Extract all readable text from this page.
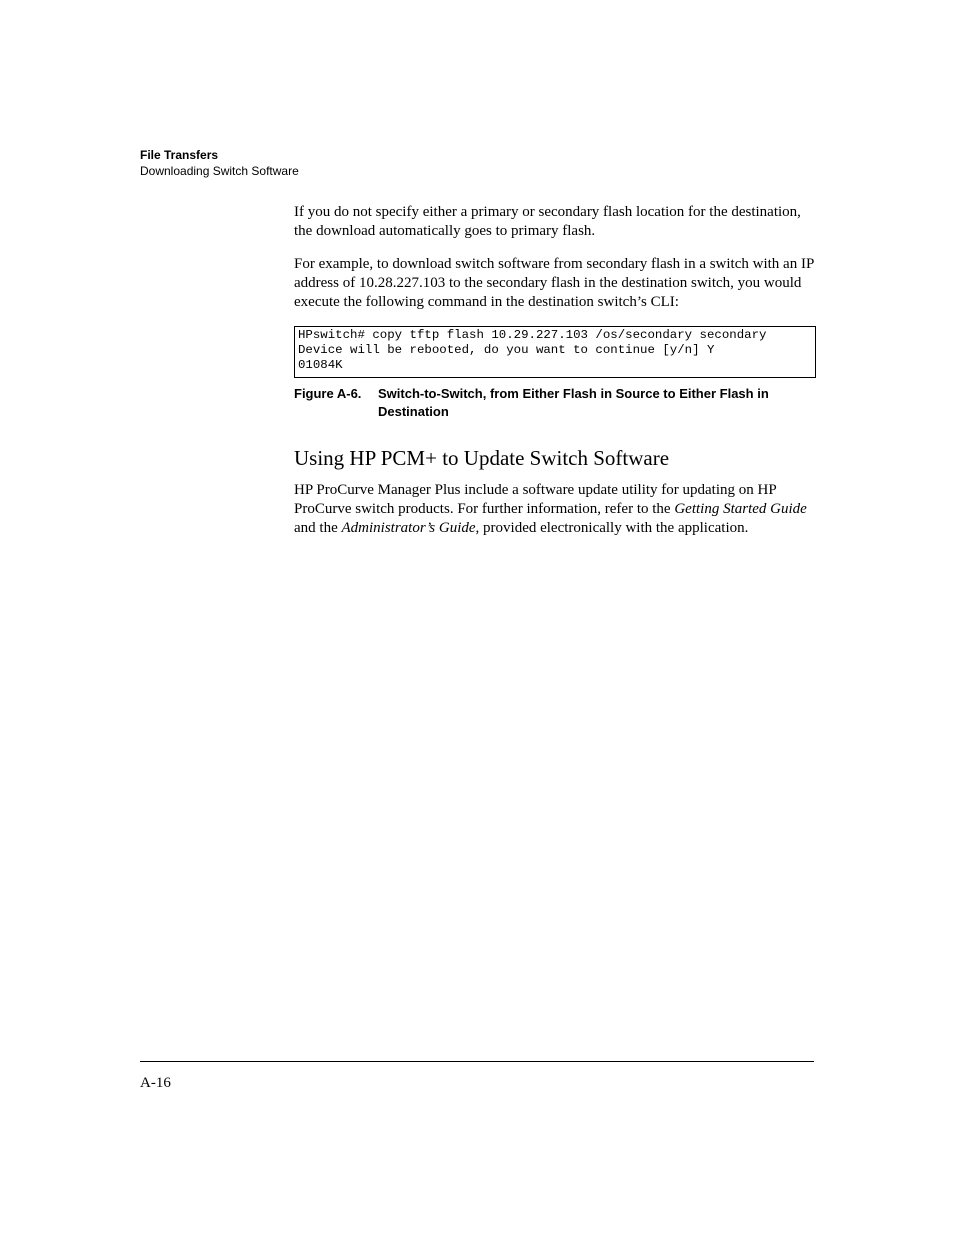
File Transfers
Downloading Switch Software

If you do not specify either a primary or secondary flash location for the destination, the download automatically goes to primary flash.

For example, to download switch software from secondary flash in a switch with an IP address of 10.28.227.103 to the secondary flash in the destination switch, you would execute the following command in the destination switch’s CLI:

HPswitch# copy tftp flash 10.29.227.103 /os/secondary secondary
Device will be rebooted, do you want to continue [y/n] Y
01084K
Figure A-6.	Switch-to-Switch, from Either Flash in Source to Either Flash in Destination
Using HP PCM+ to Update Switch Software

HP ProCurve Manager Plus include a software update utility for updating on HP ProCurve switch products. For further information, refer to the Getting Started Guide and the Administrator’s Guide, provided electronically with the application.

A-16
